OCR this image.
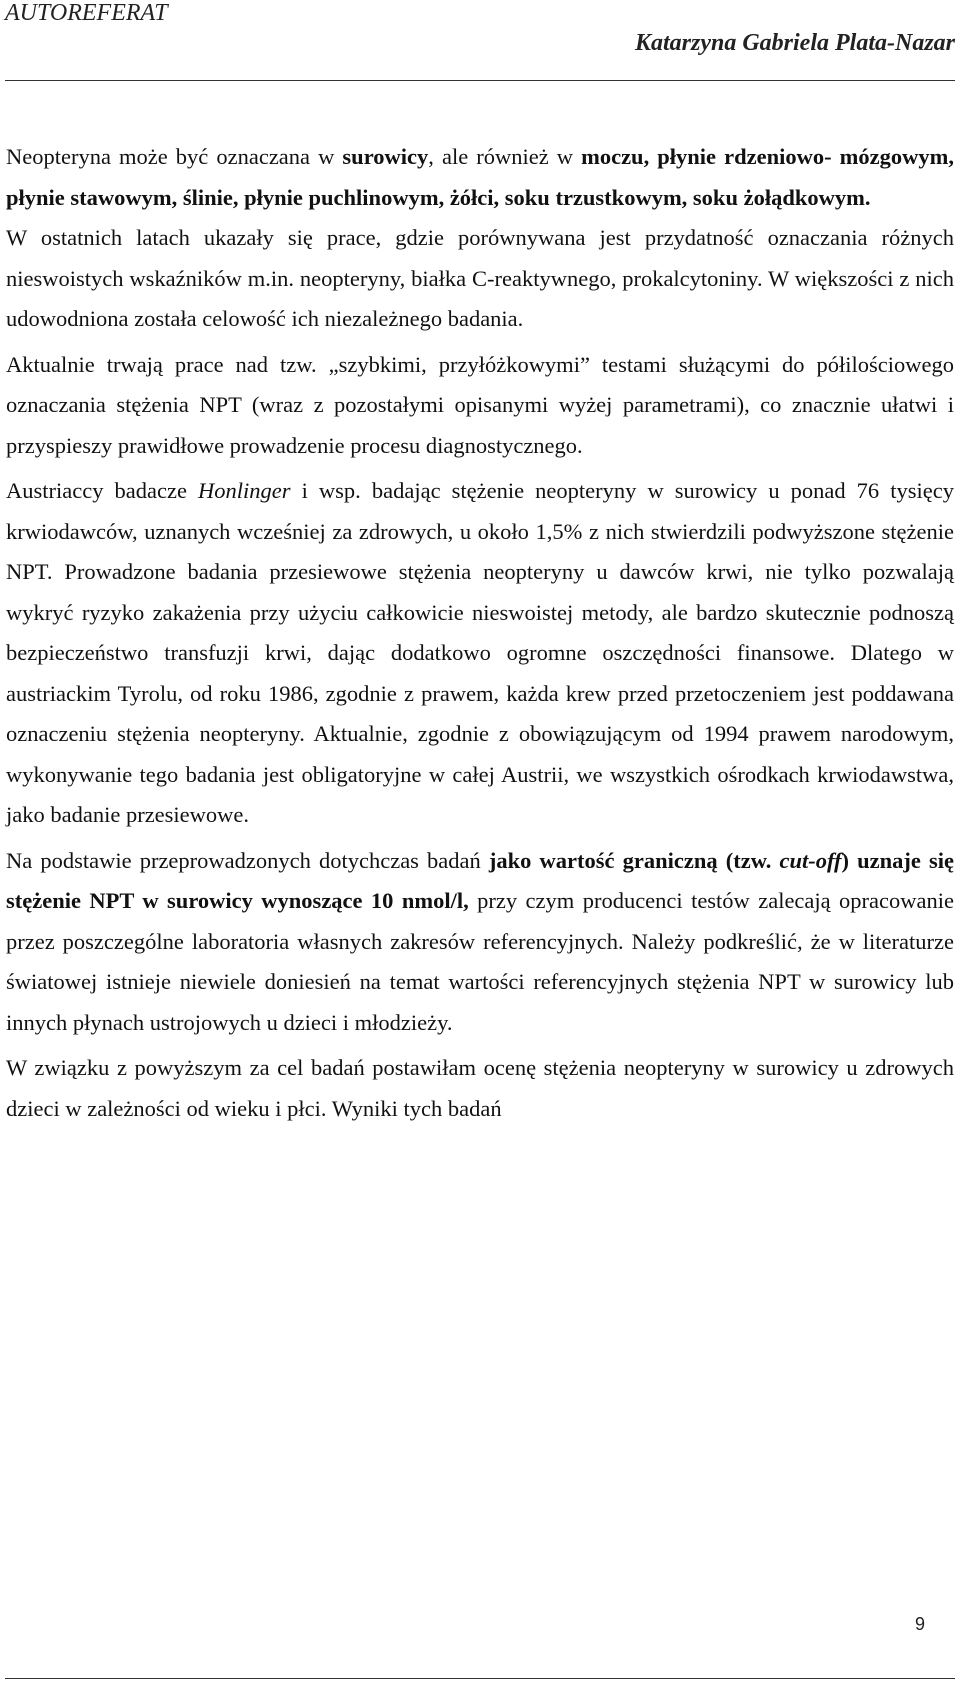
AUTOREFERAT
Katarzyna Gabriela Plata-Nazar

Neopteryna może być oznaczana w surowicy, ale również w moczu, płynie rdzeniowo- mózgowym, płynie stawowym, ślinie, płynie puchlinowym, żółci, soku trzustkowym, soku żołądkowym.

W ostatnich latach ukazały się prace, gdzie porównywana jest przydatność oznaczania różnych nieswoistych wskaźników m.in. neopteryny, białka C-reaktywnego, prokalcytoniny. W większości z nich udowodniona została celowość ich niezależnego badania.

Aktualnie trwają prace nad tzw. „szybkimi, przyłóżkowymi” testami służącymi do półilościowego oznaczania stężenia NPT (wraz z pozostałymi opisanymi wyżej parametrami), co znacznie ułatwi i przyspieszy prawidłowe prowadzenie procesu diagnostycznego.

Austriaccy badacze Honlinger i wsp. badając stężenie neopteryny w surowicy u ponad 76 tysięcy krwiodawców, uznanych wcześniej za zdrowych, u około 1,5% z nich stwierdzili podwyższone stężenie NPT. Prowadzone badania przesiewowe stężenia neopteryny u dawców krwi, nie tylko pozwalają wykryć ryzyko zakażenia przy użyciu całkowicie nieswoistej metody, ale bardzo skutecznie podnoszą bezpieczeństwo transfuzji krwi, dając dodatkowo ogromne oszczędności finansowe. Dlatego w austriackim Tyrolu, od roku 1986, zgodnie z prawem, każda krew przed przetoczeniem jest poddawana oznaczeniu stężenia neopteryny. Aktualnie, zgodnie z obowiązującym od 1994 prawem narodowym, wykonywanie tego badania jest obligatoryjne w całej Austrii, we wszystkich ośrodkach krwiodawstwa, jako badanie przesiewowe.

Na podstawie przeprowadzonych dotychczas badań jako wartość graniczną (tzw. cut-off) uznaje się stężenie NPT w surowicy wynoszące 10 nmol/l, przy czym producenci testów zalecają opracowanie przez poszczególne laboratoria własnych zakresów referencyjnych. Należy podkreślić, że w literaturze światowej istnieje niewiele doniesień na temat wartości referencyjnych stężenia NPT w surowicy lub innych płynach ustrojowych u dzieci i młodzieży.

W związku z powyższym za cel badań postawiłam ocenę stężenia neopteryny w surowicy u zdrowych dzieci w zależności od wieku i płci. Wyniki tych badań

9
